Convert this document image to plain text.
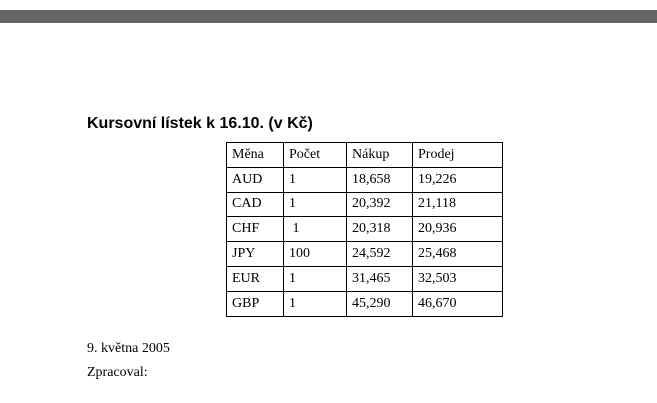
Kursovní lístek k 16.10. (v Kč)
Měna	Počet	Nákup	Prodej
AUD	1	18,658	19,226
CAD	1	20,392	21,118
CHF	1	20,318	20,936
JPY	100	24,592	25,468
EUR	1	31,465	32,503
GBP	1	45,290	46,670
9. května 2005
Zpracoval:
